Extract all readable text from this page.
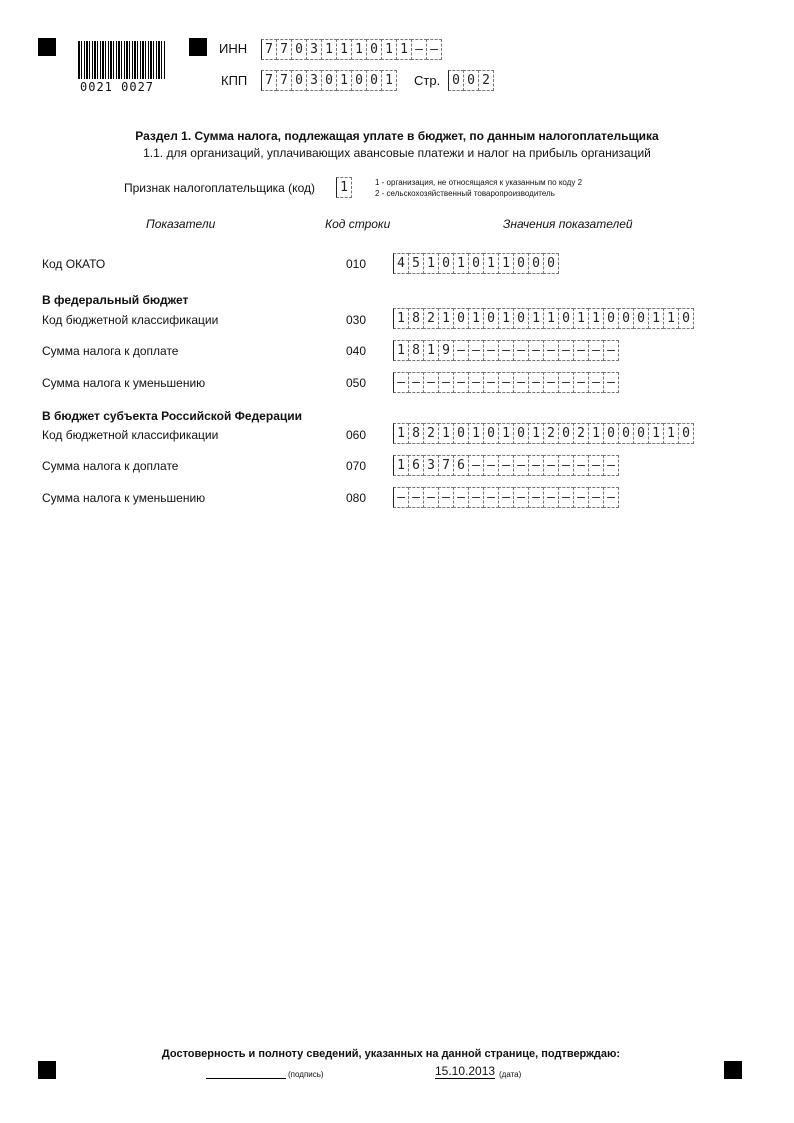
0021 0027
ИНН	7 7 0 3 1 1 1 0 1 1 – –
КПП	7 7 0 3 0 1 0 0 1	Стр. 0 0 2
Раздел 1. Сумма налога, подлежащая уплате в бюджет, по данным налогоплательщика
1.1. для организаций, уплачивающих авансовые платежи и налог на прибыль организаций
Признак налогоплательщика (код)	1	1 - организация, не относящаяся к указанным по коду 2
2 - сельскохозяйственный товаропроизводитель
Показатели	Код строки	Значения показателей
В федеральный бюджет
В бюджет субъекта Российской Федерации
Код ОКАТО	010	4 5 1 0 1 0 1 1 0 0 0
Код бюджетной классификации	030	1 8 2 1 0 1 0 1 0 1 1 0 1 1 0 0 0 1 1 0
Сумма налога к доплате	040	1 8 1 9 – – – – – – – – – – –
Сумма налога к уменьшению	050	– – – – – – – – – – – – – – –
Код бюджетной классификации	060	1 8 2 1 0 1 0 1 0 1 2 0 2 1 0 0 0 1 1 0
Сумма налога к доплате	070	1 6 3 7 6 – – – – – – – – – –
Сумма налога к уменьшению	080	– – – – – – – – – – – – – – –
Достоверность и полноту сведений, указанных на данной странице, подтверждаю:
(подпись)	15.10.2013 (дата)
